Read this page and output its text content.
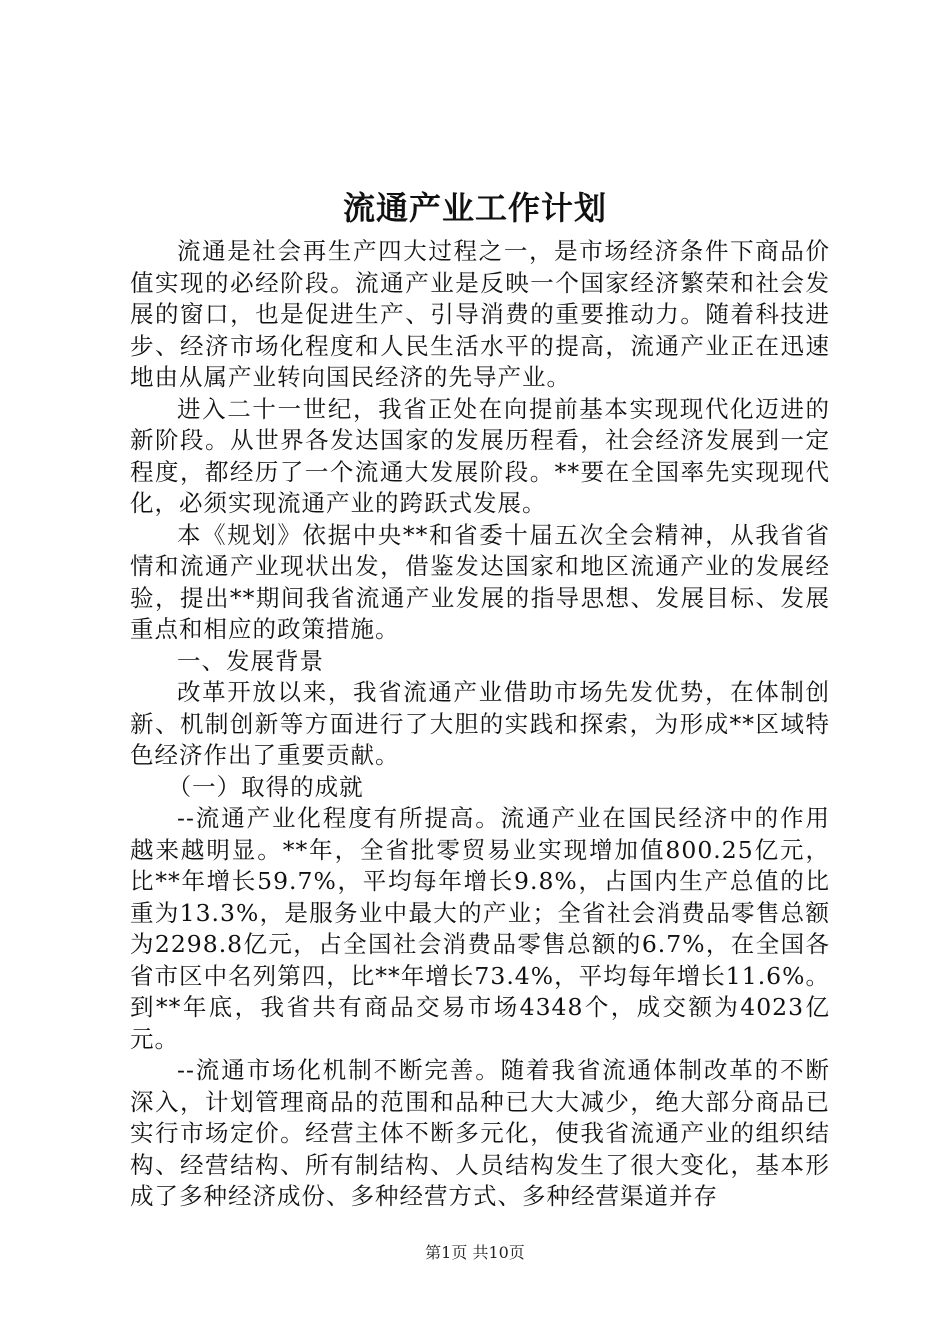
流通产业工作计划

流通是社会再生产四大过程之一，是市场经济条件下商品价值实现的必经阶段。流通产业是反映一个国家经济繁荣和社会发展的窗口，也是促进生产、引导消费的重要推动力。随着科技进步、经济市场化程度和人民生活水平的提高，流通产业正在迅速地由从属产业转向国民经济的先导产业。

进入二十一世纪，我省正处在向提前基本实现现代化迈进的新阶段。从世界各发达国家的发展历程看，社会经济发展到一定程度，都经历了一个流通大发展阶段。**要在全国率先实现现代化，必须实现流通产业的跨跃式发展。

本《规划》依据中央**和省委十届五次全会精神，从我省省情和流通产业现状出发，借鉴发达国家和地区流通产业的发展经验，提出**期间我省流通产业发展的指导思想、发展目标、发展重点和相应的政策措施。

一、发展背景

改革开放以来，我省流通产业借助市场先发优势，在体制创新、机制创新等方面进行了大胆的实践和探索，为形成**区域特色经济作出了重要贡献。

（一）取得的成就

--流通产业化程度有所提高。流通产业在国民经济中的作用越来越明显。**年，全省批零贸易业实现增加值800.25亿元，比**年增长59.7%，平均每年增长9.8%，占国内生产总值的比重为13.3%，是服务业中最大的产业；全省社会消费品零售总额为2298.8亿元，占全国社会消费品零售总额的6.7%，在全国各省市区中名列第四，比**年增长73.4%，平均每年增长11.6%。到**年底，我省共有商品交易市场4348个，成交额为4023亿元。

--流通市场化机制不断完善。随着我省流通体制改革的不断深入，计划管理商品的范围和品种已大大减少，绝大部分商品已实行市场定价。经营主体不断多元化，使我省流通产业的组织结构、经营结构、所有制结构、人员结构发生了很大变化，基本形成了多种经济成份、多种经营方式、多种经营渠道并存

第1页 共10页
